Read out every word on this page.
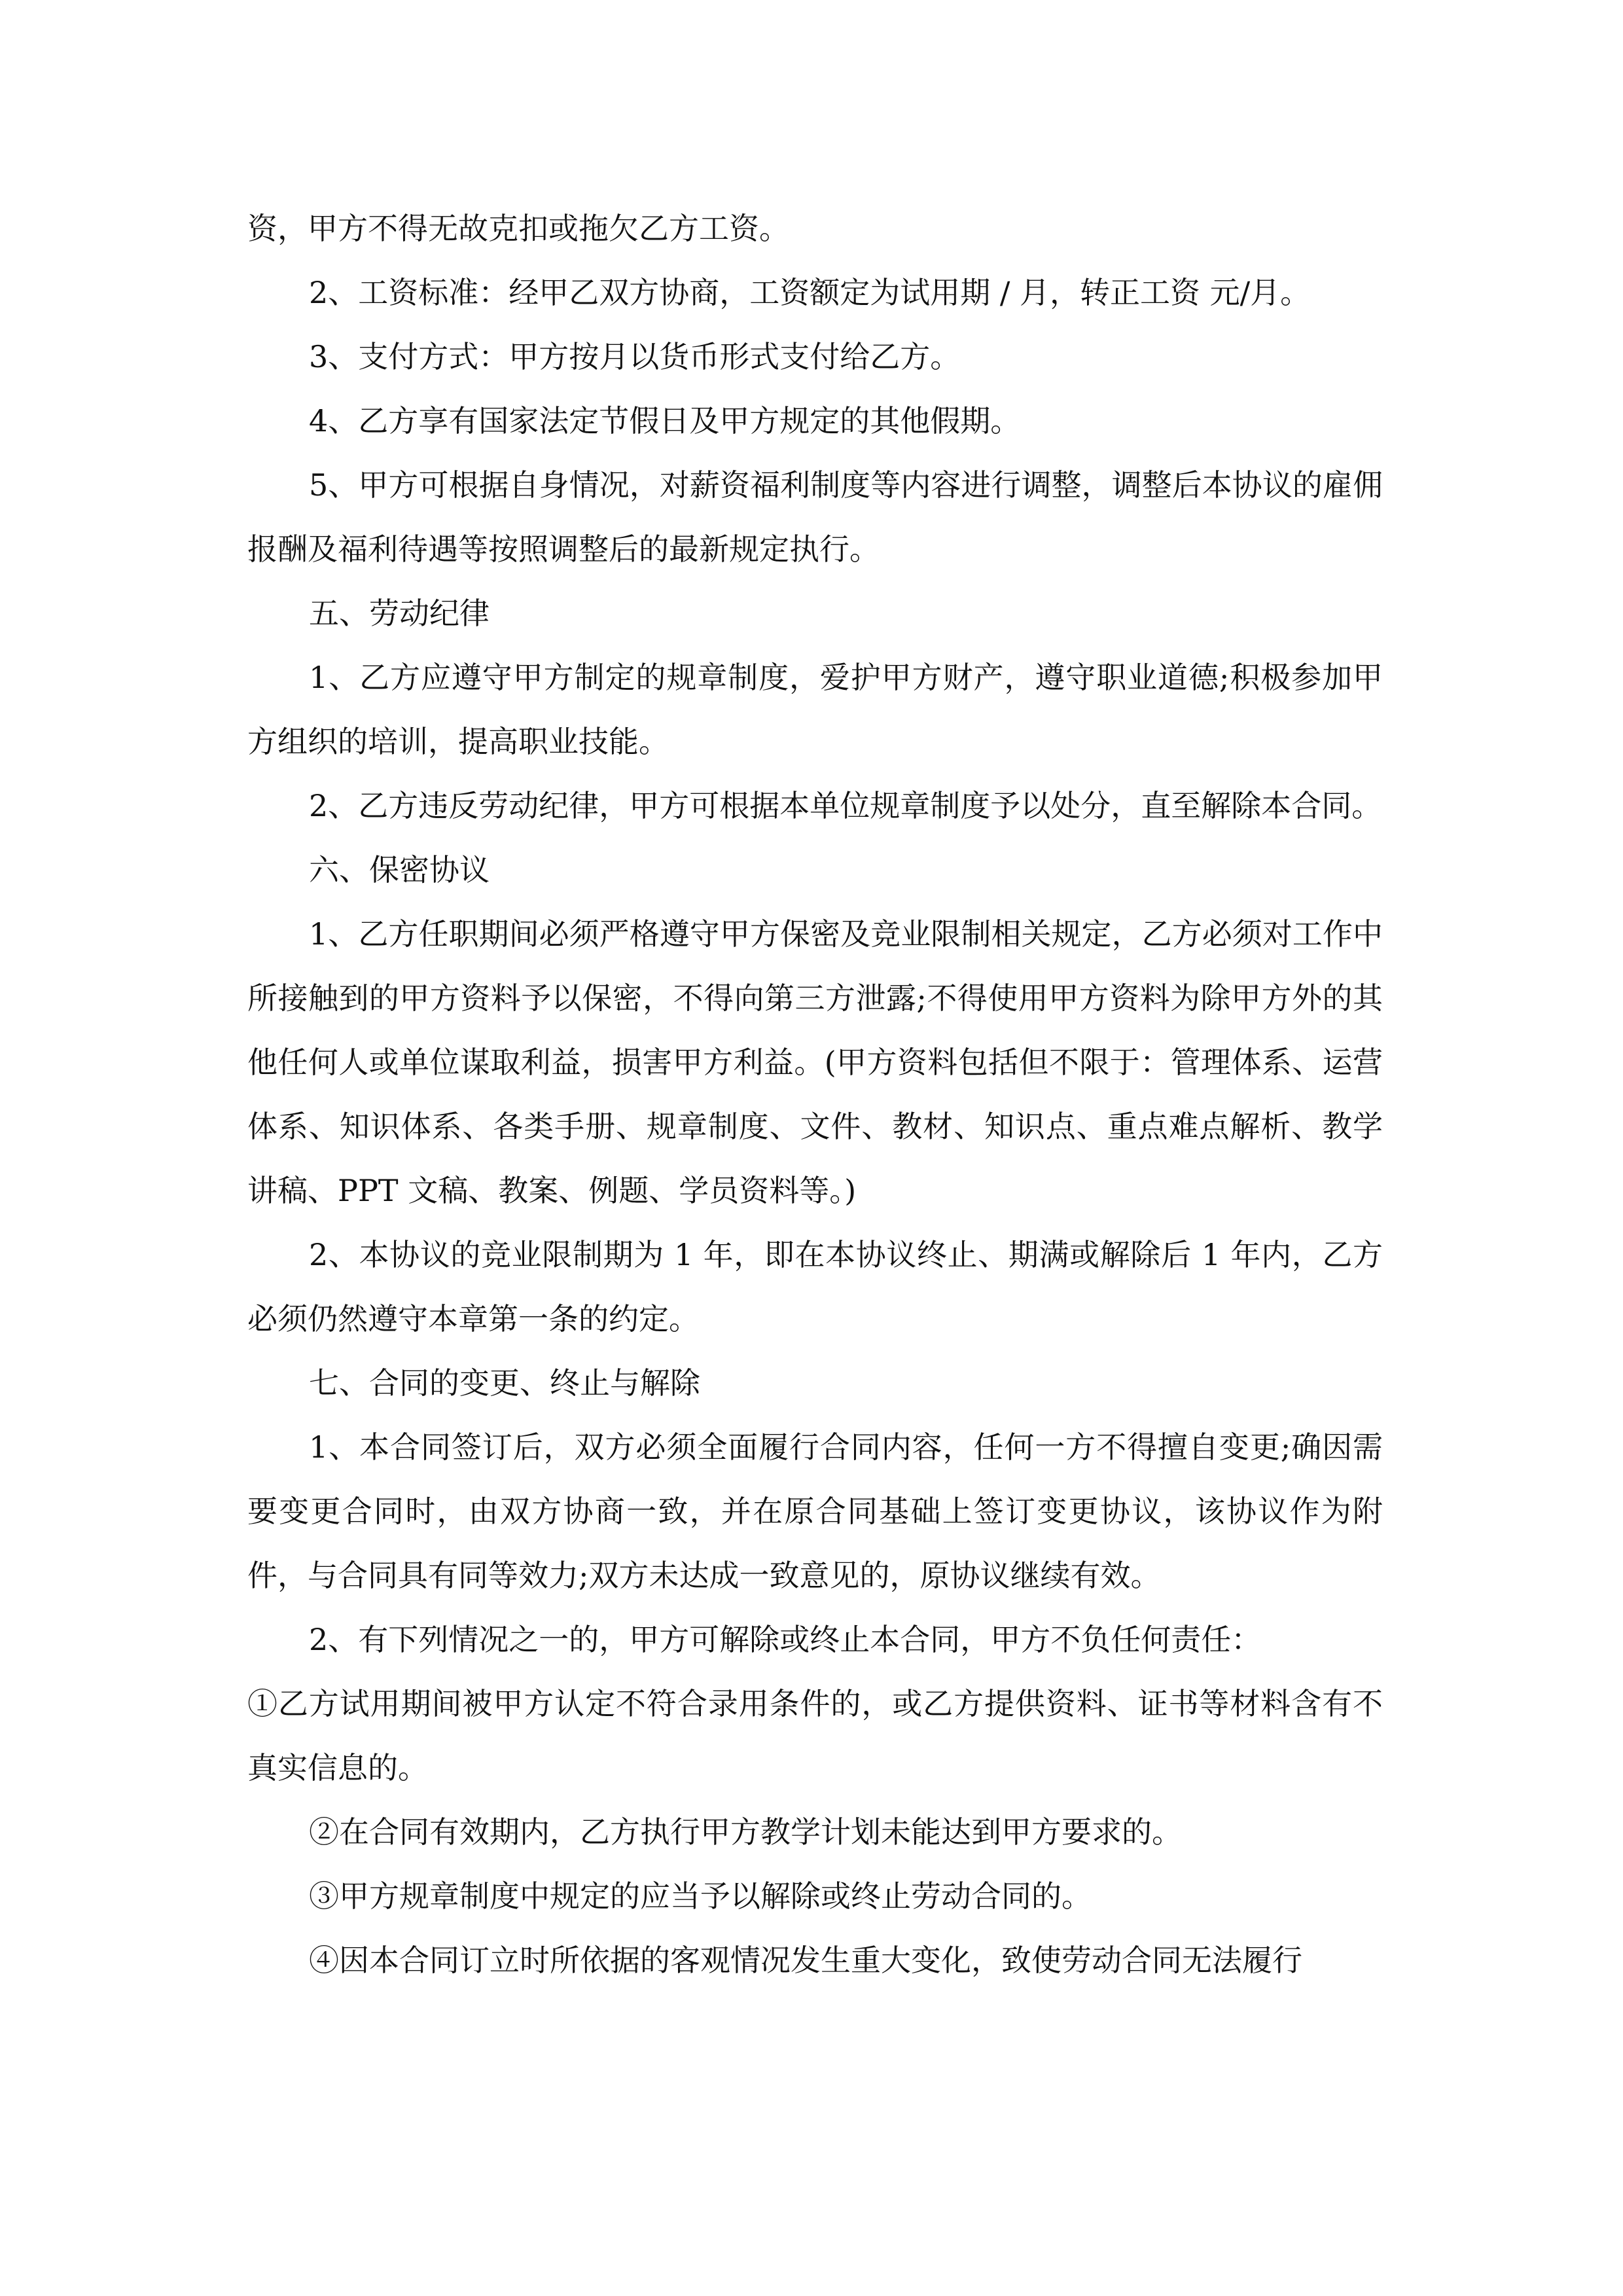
资，甲方不得无故克扣或拖欠乙方工资。

2、工资标准：经甲乙双方协商，工资额定为试用期 / 月，转正工资 元/月。

3、支付方式：甲方按月以货币形式支付给乙方。

4、乙方享有国家法定节假日及甲方规定的其他假期。

5、甲方可根据自身情况，对薪资福利制度等内容进行调整，调整后本协议的雇佣报酬及福利待遇等按照调整后的最新规定执行。

五、劳动纪律

1、乙方应遵守甲方制定的规章制度，爱护甲方财产，遵守职业道德;积极参加甲方组织的培训，提高职业技能。

2、乙方违反劳动纪律，甲方可根据本单位规章制度予以处分，直至解除本合同。

六、保密协议

1、乙方任职期间必须严格遵守甲方保密及竞业限制相关规定，乙方必须对工作中所接触到的甲方资料予以保密，不得向第三方泄露;不得使用甲方资料为除甲方外的其他任何人或单位谋取利益，损害甲方利益。(甲方资料包括但不限于：管理体系、运营体系、知识体系、各类手册、规章制度、文件、教材、知识点、重点难点解析、教学讲稿、PPT 文稿、教案、例题、学员资料等。)

2、本协议的竞业限制期为 1 年，即在本协议终止、期满或解除后 1 年内，乙方必须仍然遵守本章第一条的约定。

七、合同的变更、终止与解除

1、本合同签订后，双方必须全面履行合同内容，任何一方不得擅自变更;确因需要变更合同时，由双方协商一致，并在原合同基础上签订变更协议，该协议作为附件，与合同具有同等效力;双方未达成一致意见的，原协议继续有效。

2、有下列情况之一的，甲方可解除或终止本合同，甲方不负任何责任：

①乙方试用期间被甲方认定不符合录用条件的，或乙方提供资料、证书等材料含有不真实信息的。

②在合同有效期内，乙方执行甲方教学计划未能达到甲方要求的。

③甲方规章制度中规定的应当予以解除或终止劳动合同的。

④因本合同订立时所依据的客观情况发生重大变化，致使劳动合同无法履行
